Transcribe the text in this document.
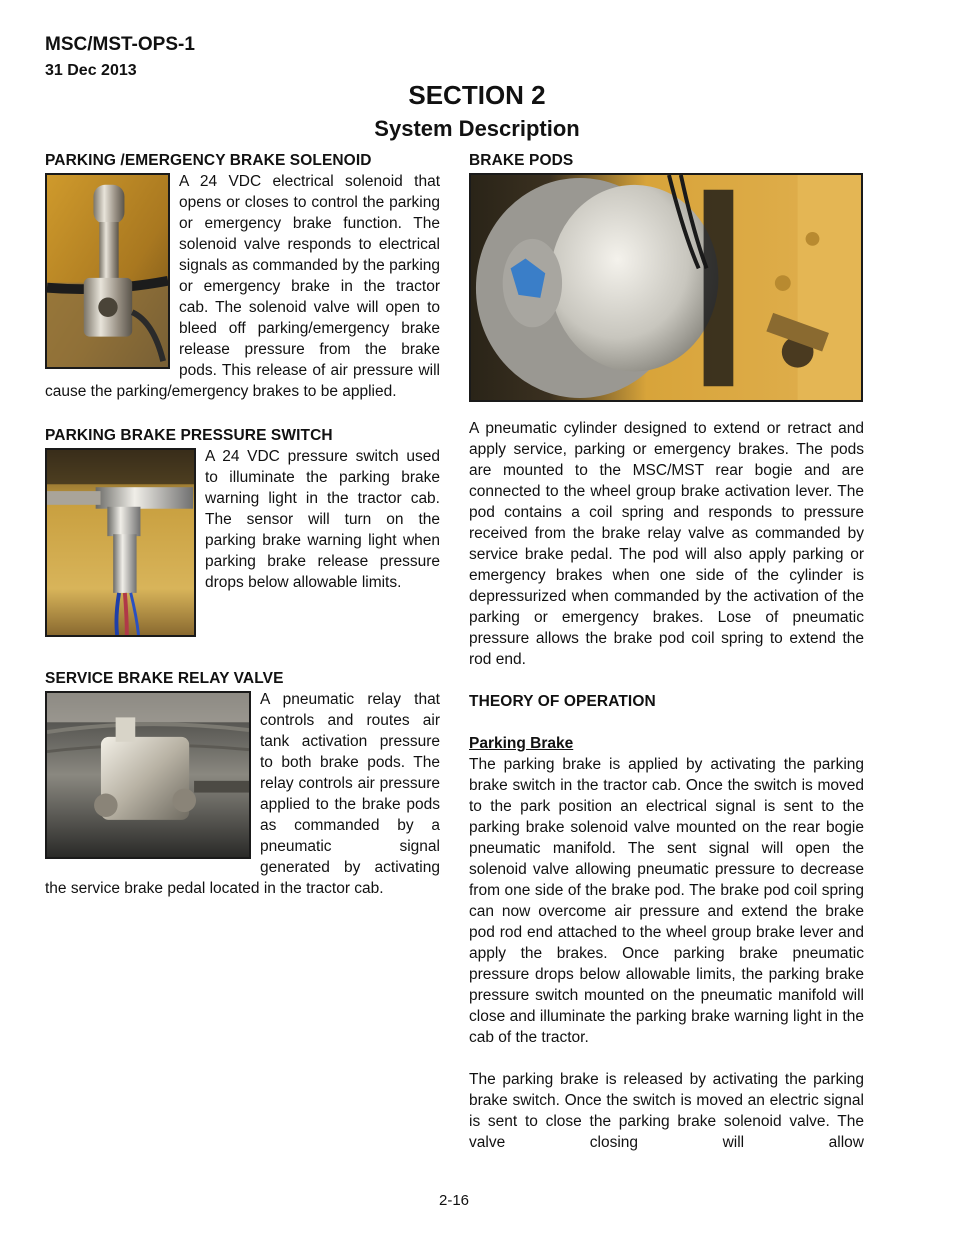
MSC/MST-OPS-1
31 Dec 2013
SECTION 2
System Description
PARKING /EMERGENCY BRAKE SOLENOID

A 24 VDC electrical solenoid that opens or closes to control the parking or emergency brake function. The solenoid valve responds to electrical signals as commanded by the parking or emergency brake in the tractor cab. The solenoid valve will open to bleed off parking/emergency brake release pressure from the brake pods. This release of air pressure will cause the parking/emergency brakes to be applied.

PARKING BRAKE PRESSURE SWITCH

A 24 VDC pressure switch used to illuminate the parking brake warning light in the tractor cab. The sensor will turn on the parking brake warning light when parking brake release pressure drops below allowable limits.

SERVICE BRAKE RELAY VALVE

A pneumatic relay that controls and routes air tank activation pressure to both brake pods. The relay controls air pressure applied to the brake pods as commanded by a pneumatic signal generated by activating the service brake pedal located in the tractor cab.

BRAKE PODS

A pneumatic cylinder designed to extend or retract and apply service, parking or emergency brakes. The pods are mounted to the MSC/MST rear bogie and are connected to the wheel group brake activation lever. The pod contains a coil spring and responds to pressure received from the brake relay valve as commanded by service brake pedal. The pod will also apply parking or emergency brakes when one side of the cylinder is depressurized when commanded by the activation of the parking or emergency brakes. Lose of pneumatic pressure allows the brake pod coil spring to extend the rod end.

THEORY OF OPERATION
Parking Brake

The parking brake is applied by activating the parking brake switch in the tractor cab. Once the switch is moved to the park position an electrical signal is sent to the parking brake solenoid valve mounted on the rear bogie pneumatic manifold. The sent signal will open the solenoid valve allowing pneumatic pressure to decrease from one side of the brake pod. The brake pod coil spring can now overcome air pressure and extend the brake pod rod end attached to the wheel group brake lever and apply the brakes. Once parking brake pneumatic pressure drops below allowable limits, the parking brake pressure switch mounted on the pneumatic manifold will close and illuminate the parking brake warning light in the cab of the tractor.

The parking brake is released by activating the parking brake switch. Once the switch is moved an electric signal is sent to close the parking brake solenoid valve. The valve closing will allow

2-16
